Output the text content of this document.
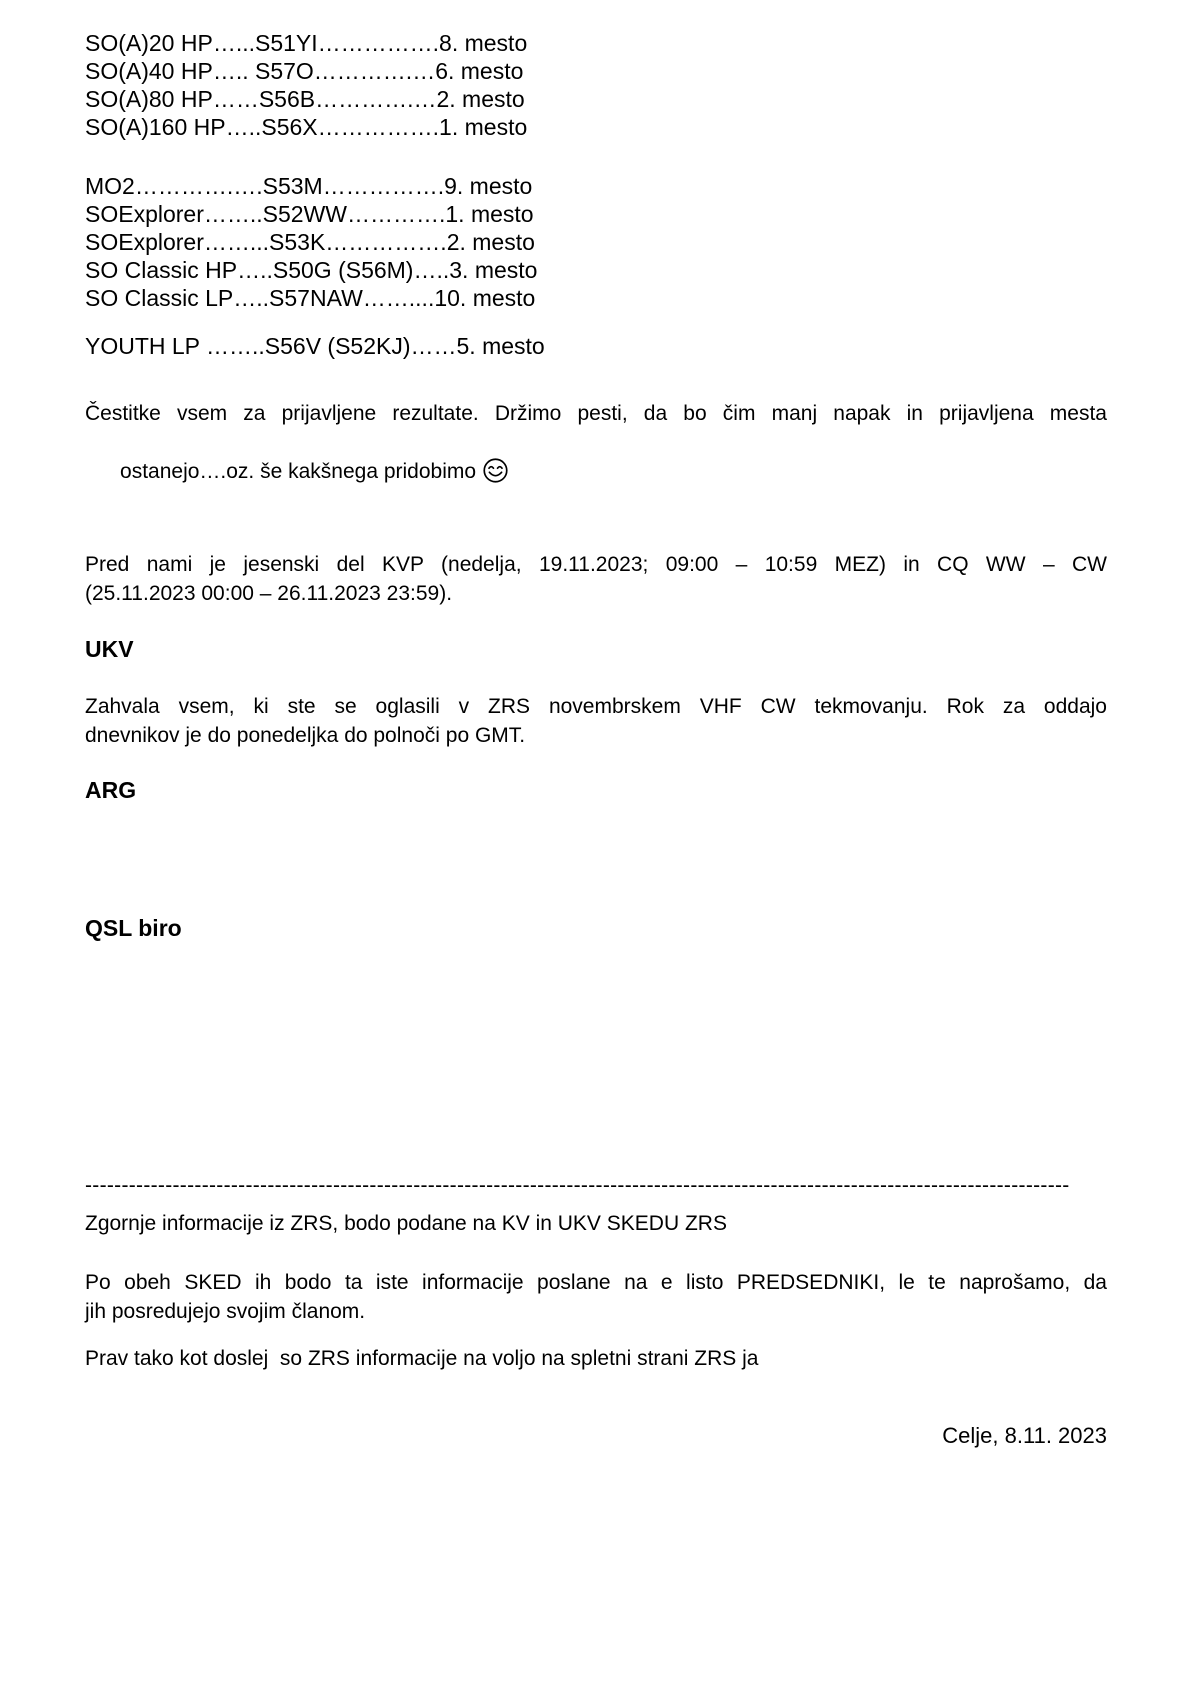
SO(A)20 HP…...S51YI…………….8. mesto
SO(A)40 HP….. S57O………….…6. mesto
SO(A)80 HP……S56B………….…2. mesto
SO(A)160 HP…..S56X…………….1. mesto
MO2………….….S53M…………….9. mesto
SOExplorer……..S52WW………….1. mesto
SOExplorer……...S53K…………….2. mesto
SO Classic HP…..S50G (S56M)…..3. mesto
SO Classic LP…..S57NAW……....10. mesto
YOUTH LP ……..S56V (S52KJ)……5. mesto
Čestitke vsem za prijavljene rezultate. Držimo pesti, da bo čim manj napak in prijavljena mesta

ostanejo….oz. še kakšnega pridobimo

Pred nami je jesenski del KVP (nedelja, 19.11.2023; 09:00 – 10:59 MEZ) in CQ WW – CW
(25.11.2023 00:00 – 26.11.2023 23:59).
UKV
Zahvala vsem, ki ste se oglasili v ZRS novembrskem VHF CW tekmovanju. Rok za oddajo
dnevnikov je do ponedeljka do polnoči po GMT.
ARG
QSL biro
---------------------------------------------------------------------------------------------------------------------------------------
Zgornje informacije iz ZRS, bodo podane na KV in UKV SKEDU ZRS
Po obeh SKED ih bodo ta iste informacije poslane na e listo PREDSEDNIKI, le te naprošamo, da
jih posredujejo svojim članom.
Prav tako kot doslej  so ZRS informacije na voljo na spletni strani ZRS ja
Celje, 8.11. 2023
